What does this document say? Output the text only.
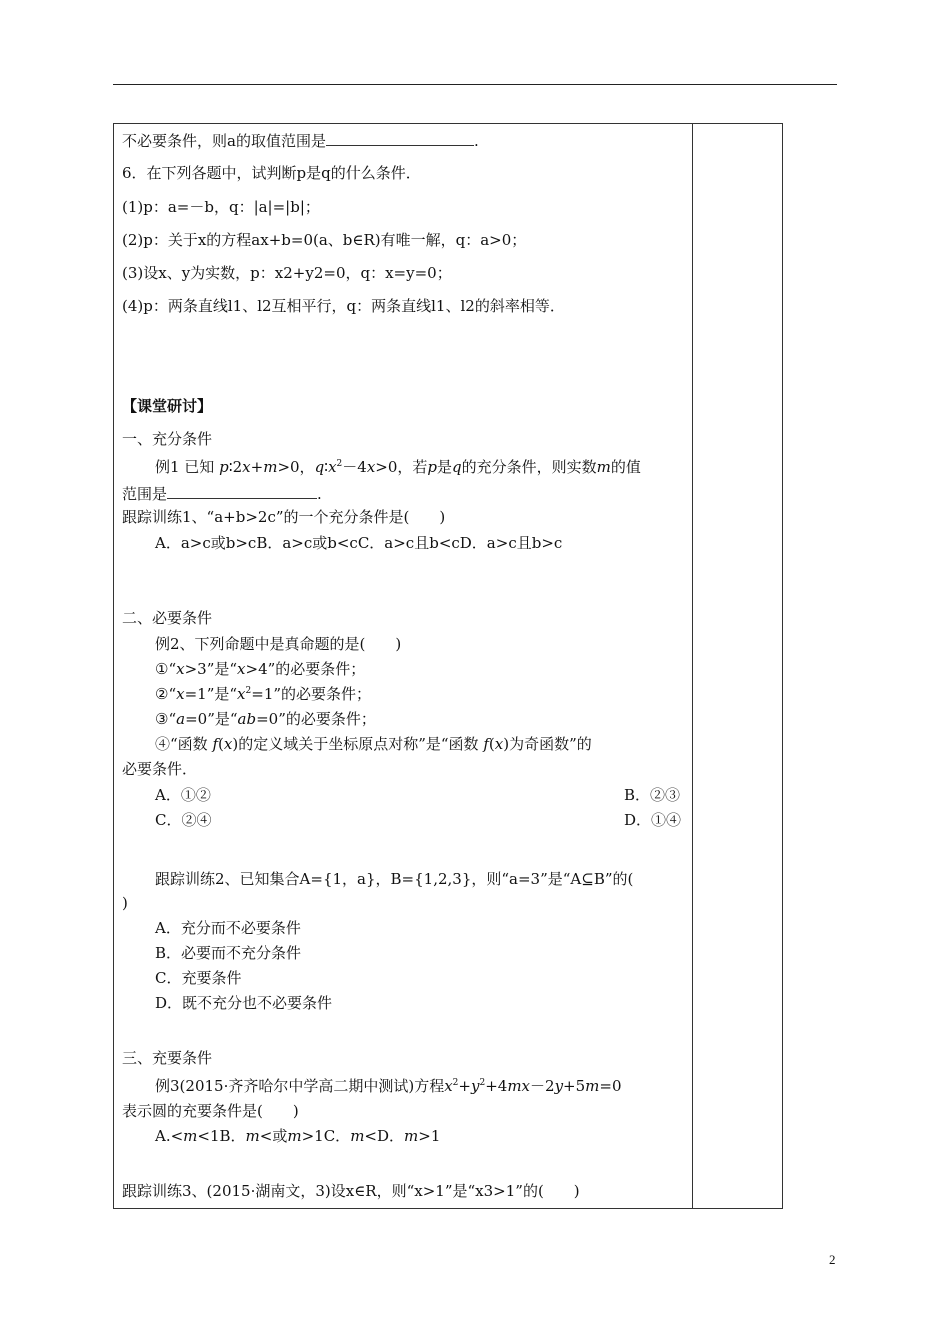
不必要条件，则a的取值范围是	.
6．在下列各题中，试判断p是q的什么条件．
(1)p：a=－b，q：|a|=|b|；
(2)p：关于x的方程ax+b=0(a、b∈R)有唯一解，q：a>0；
(3)设x、y为实数，p：x2+y2=0，q：x=y=0；
(4)p：两条直线l1、l2互相平行，q：两条直线l1、l2的斜率相等．
【课堂研讨】
一、充分条件
例1 已知 p∶2x+m>0，$q∶x^2-4x>0$，若p是q的充分条件，则实数m的值
范围是	.
跟踪训练1、“a+b>2c”的一个充分条件是(　　)
A．a>c或b>cB．a>c或b<cC．a>c且b<cD．a>c且b>c
二、必要条件
例2、下列命题中是真命题的是(　　)
①“x>3”是“x>4”的必要条件；
②“x=1”是“$x^2=1$”的必要条件；
③“a=0”是“ab=0”的必要条件；
④“函数 f(x)的定义域关于坐标原点对称”是“函数 f(x)为奇函数”的
必要条件．
A．①②	B．②③
C．②④	D．①④
跟踪训练2、已知集合A={1，a}，B={1,2,3}，则“a=3”是“A⊆B”的(
)
A．充分而不必要条件
B．必要而不充分条件
C．充要条件
D．既不充分也不必要条件
三、充要条件
例3(2015·齐齐哈尔中学高二期中测试)方程$x^2+y^2+4mx-2y+5m=0$
表示圆的充要条件是(　　)
A.<m<1B．m<或m>1C．m<D．m>1
跟踪训练3、(2015·湖南文，3)设x∈R，则“x>1”是“x3>1”的(　　)
2
